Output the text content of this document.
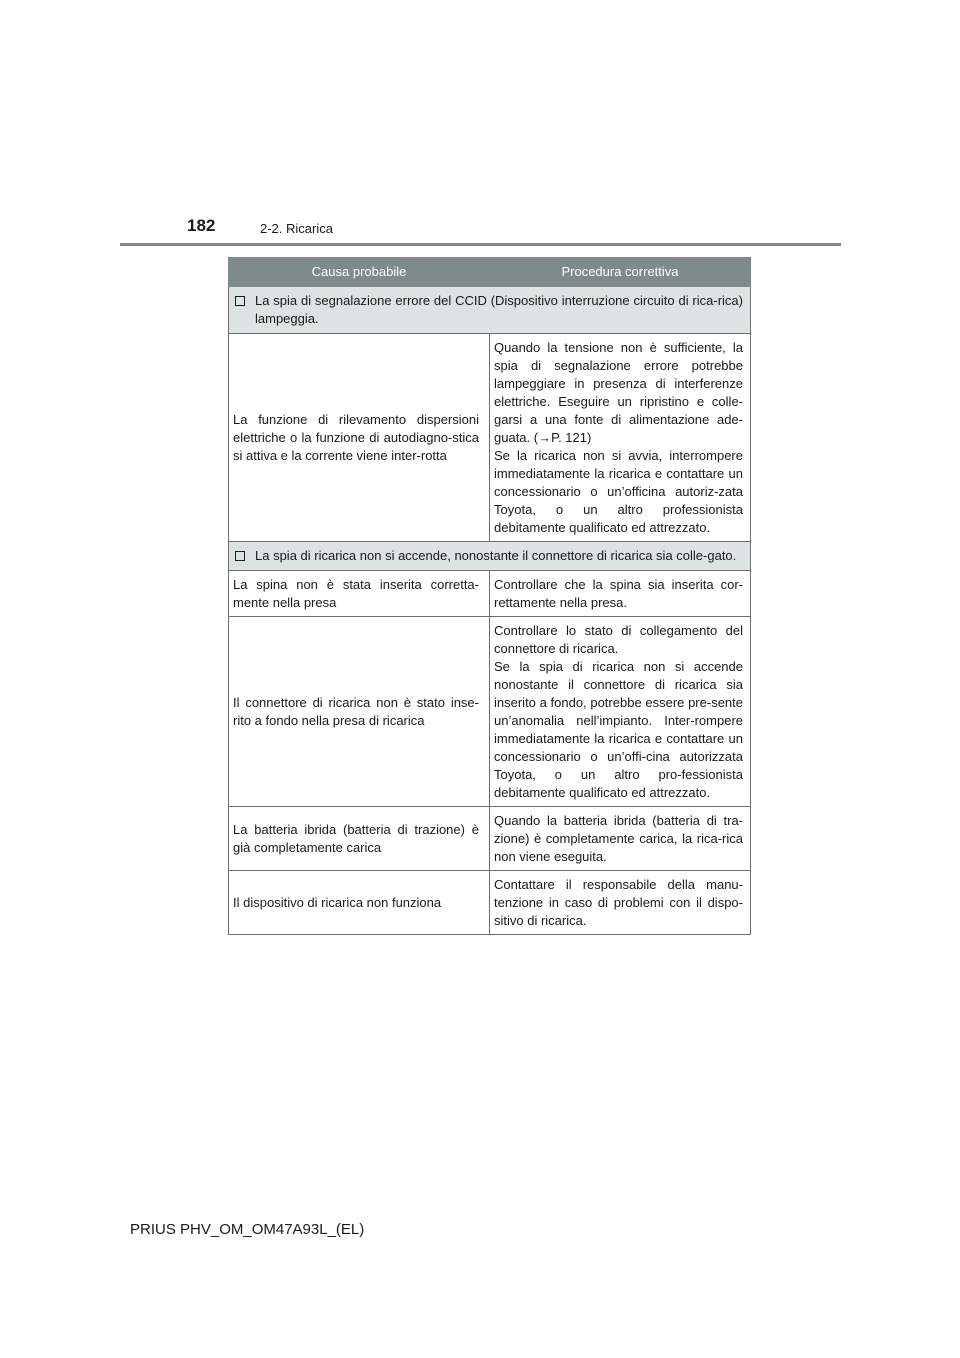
182	2-2. Ricarica
Causa probabile	Procedura correttiva

La spia di segnalazione errore del CCID (Dispositivo interruzione circuito di rica-rica) lampeggia.	

La funzione di rilevamento dispersioni elettriche o la funzione di autodiagno-stica si attiva e la corrente viene inter-rotta	Quando la tensione non è sufficiente, la spia di segnalazione errore potrebbe lampeggiare in presenza di interferenze elettriche. Eseguire un ripristino e colle-garsi a una fonte di alimentazione ade-guata. (→P. 121)
Se la ricarica non si avvia, interrompere immediatamente la ricarica e contattare un concessionario o un’officina autoriz-zata Toyota, o un altro professionista debitamente qualificato ed attrezzato.

La spia di ricarica non si accende, nonostante il connettore di ricarica sia colle-gato.	

La spina non è stata inserita corretta-mente nella presa	Controllare che la spina sia inserita cor-rettamente nella presa.

Il connettore di ricarica non è stato inse-rito a fondo nella presa di ricarica	Controllare lo stato di collegamento del connettore di ricarica.
Se la spia di ricarica non si accende nonostante il connettore di ricarica sia inserito a fondo, potrebbe essere pre-sente un’anomalia nell’impianto. Inter-rompere immediatamente la ricarica e contattare un concessionario o un’offi-cina autorizzata Toyota, o un altro pro-fessionista debitamente qualificato ed attrezzato.

La batteria ibrida (batteria di trazione) è già completamente carica	Quando la batteria ibrida (batteria di tra-zione) è completamente carica, la rica-rica non viene eseguita.

Il dispositivo di ricarica non funziona	Contattare il responsabile della manu-tenzione in caso di problemi con il dispo-sitivo di ricarica.
PRIUS PHV_OM_OM47A93L_(EL)
